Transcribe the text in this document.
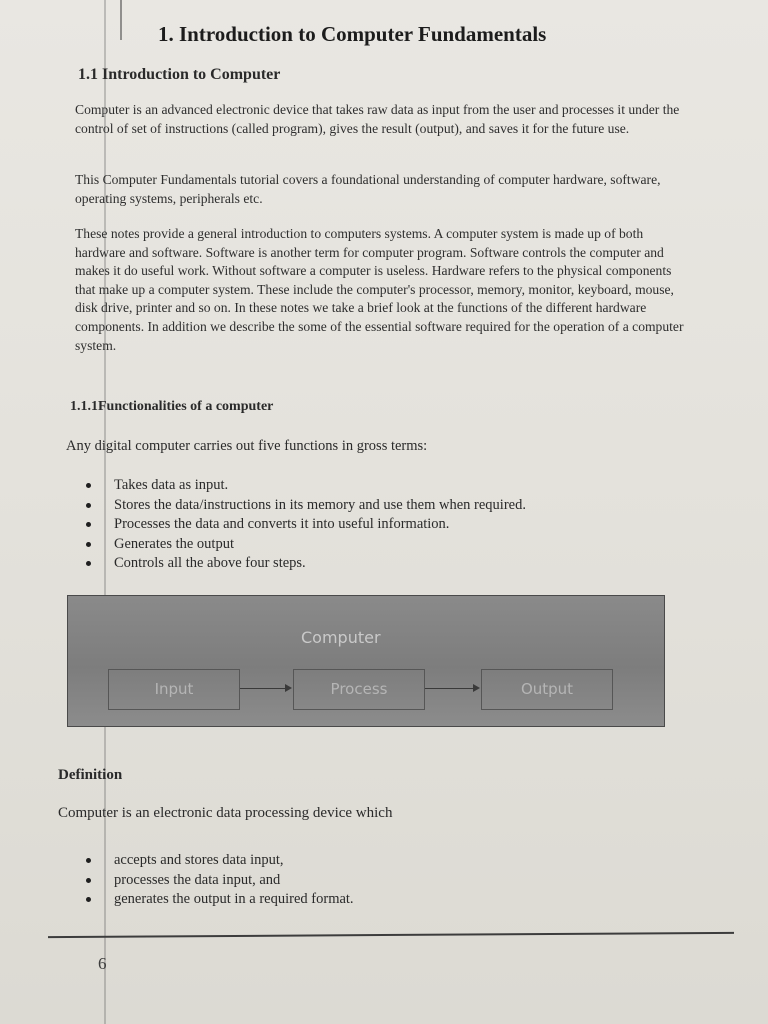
1. Introduction to Computer Fundamentals
1.1 Introduction to Computer
Computer is an advanced electronic device that takes raw data as input from the user and processes it under the control of set of instructions (called program), gives the result (output), and saves it for the future use.
This Computer Fundamentals tutorial covers a foundational understanding of computer hardware, software, operating systems, peripherals etc.
These notes provide a general introduction to computers systems. A computer system is made up of both hardware and software. Software is another term for computer program. Software controls the computer and makes it do useful work. Without software a computer is useless. Hardware refers to the physical components that make up a computer system. These include the computer's processor, memory, monitor, keyboard, mouse, disk drive, printer and so on. In these notes we take a brief look at the functions of the different hardware components. In addition we describe the some of the essential software required for the operation of a computer system.
1.1.1Functionalities of a computer
Any digital computer carries out five functions in gross terms:
Takes data as input.
Stores the data/instructions in its memory and use them when required.
Processes the data and converts it into useful information.
Generates the output
Controls all the above four steps.
Computer
Input	Process	Output
Definition
Computer is an electronic data processing device which
accepts and stores data input,
processes the data input, and
generates the output in a required format.
6
